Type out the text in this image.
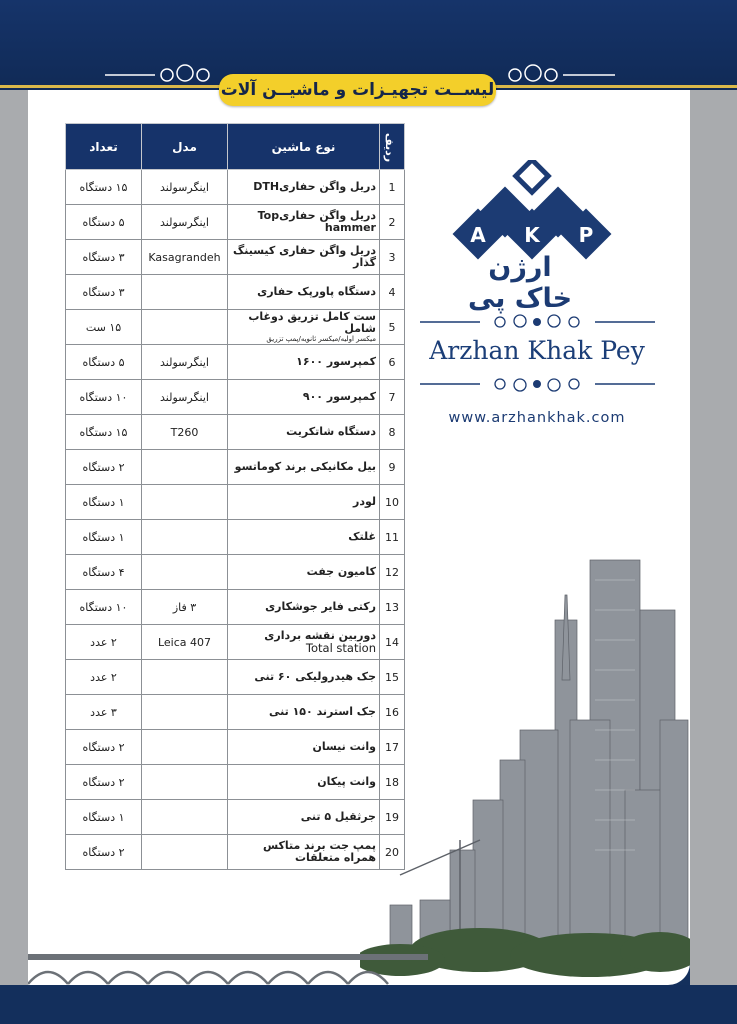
لیســت تجهیـزات و ماشیــن آلات
ردیف	نوع ماشین	مدل	تعداد
1	دریل واگن حفاریDTH	اینگرسولند	۱۵ دستگاه
2	دریل واگن حفاریTop hammer	اینگرسولند	۵ دستگاه
3	دریل واگن حفاری کیسینگ گذار	Kasagrandeh	۳ دستگاه
4	دستگاه پاورپک حفاری		۳ دستگاه
5	ست کامل تزریق دوغاب شامل
میکسر اولیه/میکسر ثانویه/پمپ تزریق		۱۵ ست
6	کمپرسور ۱۶۰۰	اینگرسولند	۵ دستگاه
7	کمپرسور ۹۰۰	اینگرسولند	۱۰ دستگاه
8	دستگاه شاتکریت	T260	۱۵ دستگاه
9	بیل مکانیکی برند کوماتسو		۲ دستگاه
10	لودر		۱ دستگاه
11	غلتک		۱ دستگاه
12	کامیون جفت		۴ دستگاه
13	رکتی فایر جوشکاری	۳ فاز	۱۰ دستگاه
14	دوربین نقشه برداری
Total station	Leica 407	۲ عدد
15	جک هیدرولیکی ۶۰ تنی		۲ عدد
16	جک استرند ۱۵۰ تنی		۳ عدد
17	وانت نیسان		۲ دستگاه
18	وانت پیکان		۲ دستگاه
19	جرثقیل ۵ تنی		۱ دستگاه
20	پمپ جت برند متاکس
همراه متعلقات		۲ دستگاه
A K P
ارژن خاک پی
Arzhan Khak Pey
www.arzhankhak.com
